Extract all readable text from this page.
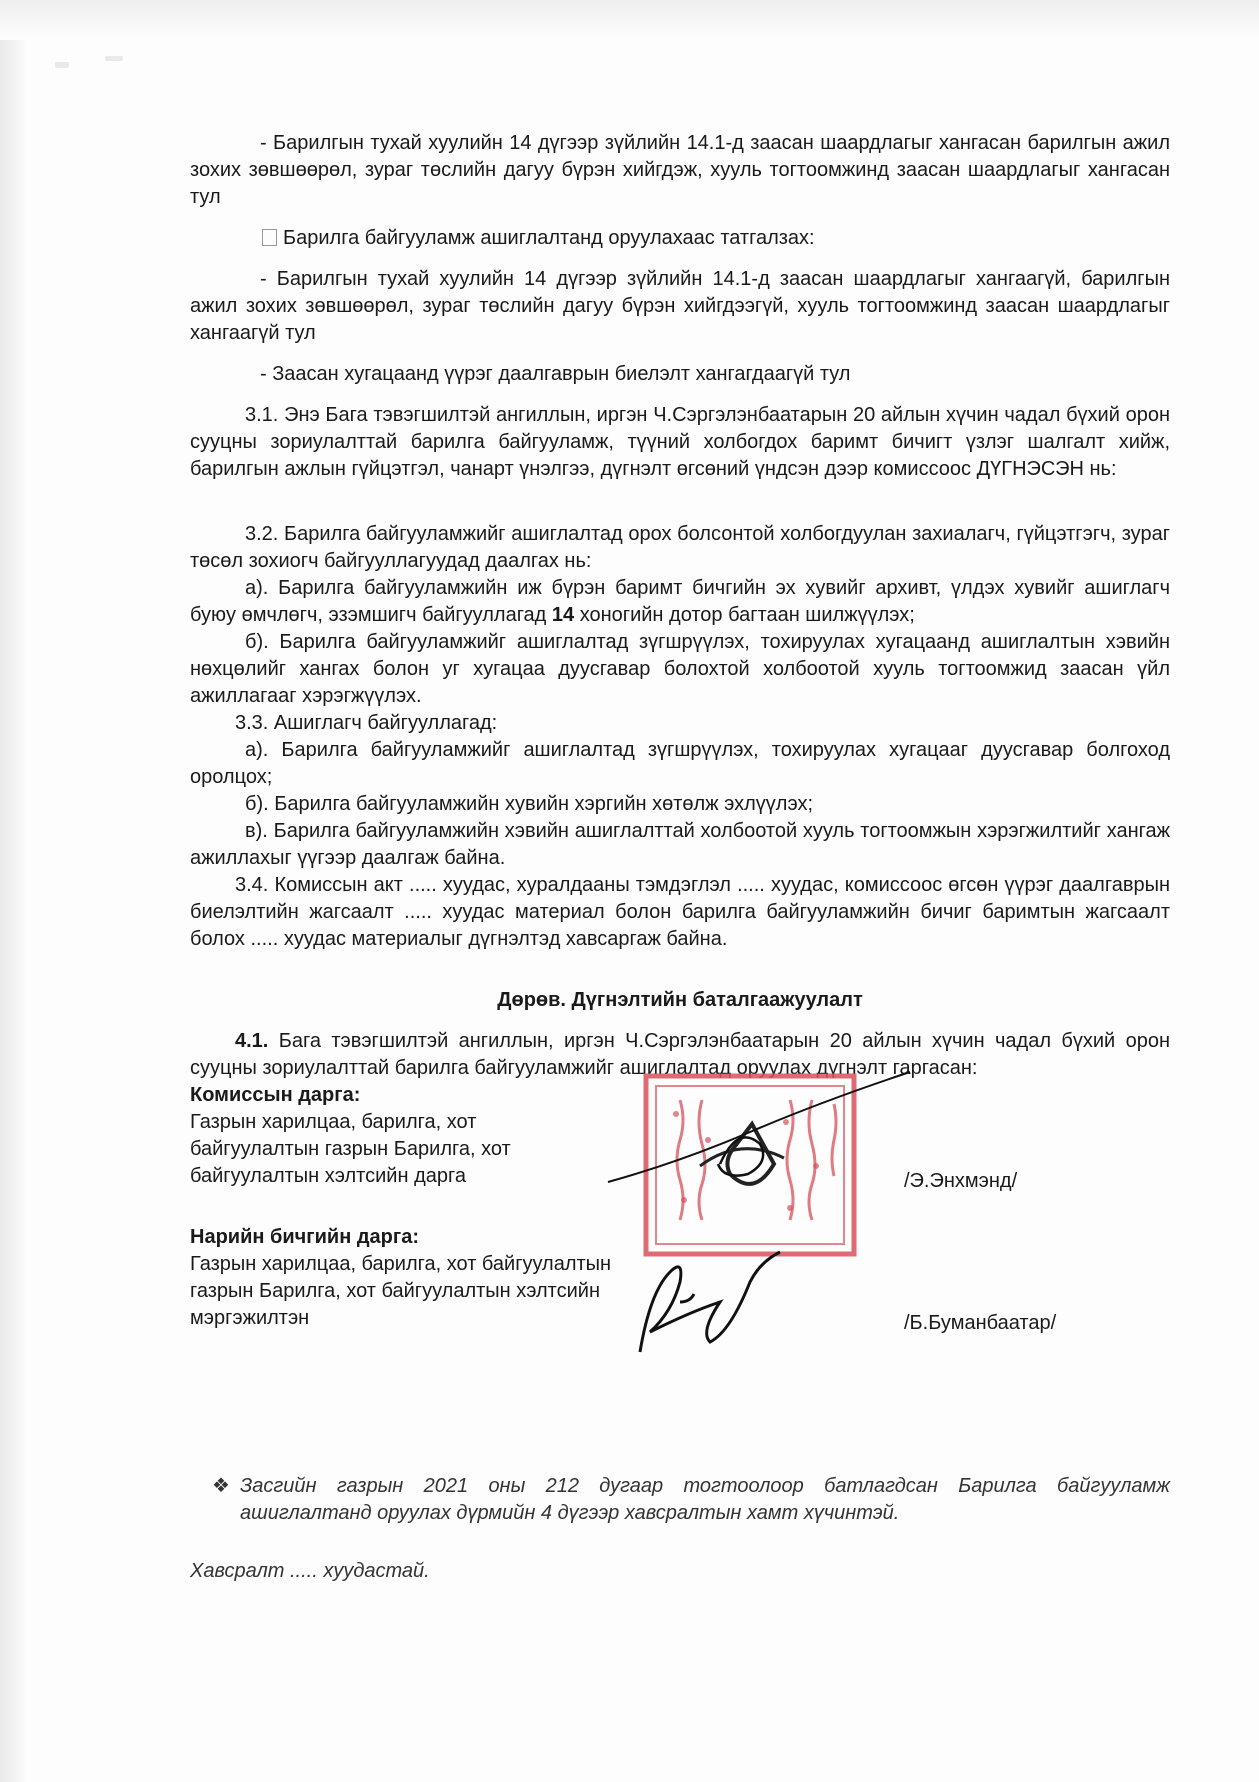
- Барилгын тухай хуулийн 14 дүгээр зүйлийн 14.1-д заасан шаардлагыг хангасан барилгын ажил зохих зөвшөөрөл, зураг төслийн дагуу бүрэн хийгдэж, хууль тогтоомжинд заасан шаардлагыг хангасан тул

Барилга байгууламж ашиглалтанд оруулахаас татгалзах:

- Барилгын тухай хуулийн 14 дүгээр зүйлийн 14.1-д заасан шаардлагыг хангаагүй, барилгын ажил зохих зөвшөөрөл, зураг төслийн дагуу бүрэн хийгдээгүй, хууль тогтоомжинд заасан шаардлагыг хангаагүй тул

- Заасан хугацаанд үүрэг даалгаврын биелэлт хангагдаагүй тул

3.1. Энэ Бага тэвэгшилтэй ангиллын, иргэн Ч.Сэргэлэнбаатарын 20 айлын хүчин чадал бүхий орон сууцны зориулалттай барилга байгууламж, түүний холбогдох баримт бичигт үзлэг шалгалт хийж, барилгын ажлын гүйцэтгэл, чанарт үнэлгээ, дүгнэлт өгсөний үндсэн дээр комиссоос ДҮГНЭСЭН нь:

3.2. Барилга байгууламжийг ашиглалтад орох болсонтой холбогдуулан захиалагч, гүйцэтгэгч, зураг төсөл зохиогч байгууллагуудад даалгах нь:

а). Барилга байгууламжийн иж бүрэн баримт бичгийн эх хувийг архивт, үлдэх хувийг ашиглагч буюу өмчлөгч, эзэмшигч байгууллагад 14 хоногийн дотор багтаан шилжүүлэх;

б). Барилга байгууламжийг ашиглалтад зүгшрүүлэх, тохируулах хугацаанд ашиглалтын хэвийн нөхцөлийг хангах болон уг хугацаа дуусгавар болохтой холбоотой хууль тогтоомжид заасан үйл ажиллагааг хэрэгжүүлэх.

3.3. Ашиглагч байгууллагад:

а). Барилга байгууламжийг ашиглалтад зүгшрүүлэх, тохируулах хугацааг дуусгавар болгоход оролцох;

б). Барилга байгууламжийн хувийн хэргийн хөтөлж эхлүүлэх;

в). Барилга байгууламжийн хэвийн ашиглалттай холбоотой хууль тогтоомжын хэрэгжилтийг хангаж ажиллахыг үүгээр даалгаж байна.

3.4. Комиссын акт ..... хуудас, хуралдааны тэмдэглэл ..... хуудас, комиссоос өгсөн үүрэг даалгаврын биелэлтийн жагсаалт ..... хуудас материал болон барилга байгууламжийн бичиг баримтын жагсаалт болох ..... хуудас материалыг дүгнэлтэд хавсаргаж байна.

Дөрөв. Дүгнэлтийн баталгаажуулалт

4.1. Бага тэвэгшилтэй ангиллын, иргэн Ч.Сэргэлэнбаатарын 20 айлын хүчин чадал бүхий орон сууцны зориулалттай барилга байгууламжийг ашиглалтад оруулах дүгнэлт гаргасан:

Комиссын дарга:
Газрын харилцаа, барилга, хот байгуулалтын газрын Барилга, хот байгуулалтын хэлтсийн дарга	/Э.Энхмэнд/
Нарийн бичгийн дарга:
Газрын харилцаа, барилга, хот байгуулалтын газрын Барилга, хот байгуулалтын хэлтсийн мэргэжилтэн	/Б.Буманбаатар/
❖ Засгийн газрын 2021 оны 212 дугаар тогтоолоор батлагдсан Барилга байгууламж ашиглалтанд оруулах дүрмийн 4 дүгээр хавсралтын хамт хүчинтэй.
Хавсралт ..... хуудастай.
